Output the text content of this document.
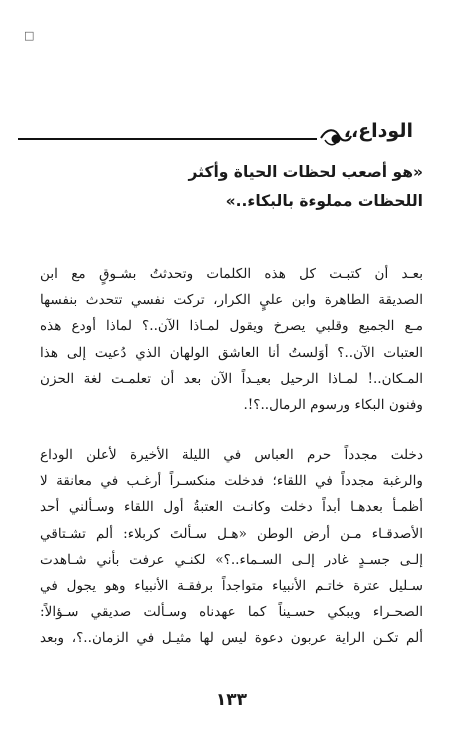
□
الوداع،،
«هو أصعب لحظات الحياة وأكثر
اللحظات مملوءة بالبكاء..»
بعـد أن كتبـت كل هذه الكلمات وتحدثتُ بشـوقٍ مع ابن
الصديقة الطاهرة وابن عليٍ الكرار، تركت نفسي تتحدث بنفسها
مـع الجميع وقلبي يصرخ ويقول لمـاذا الآن..؟ لماذا أودع هذه
العتبات الآن..؟ أوَلستُ أنا العاشق الولهان الذي دُعيت إلى هذا
المـكان..! لمـاذا الرحيل بعيـداً الآن بعد أن تعلمـت لغة الحزن
وفنون البكاء ورسوم الرمال..؟!.
دخلت مجدداً حرم العباس في الليلة الأخيرة لأعلن الوداع
والرغبة مجدداً في اللقاء؛ فدخلت منكسـراً أرغـب في معانقة لا
أظمـأ بعدهـا أبداً دخلت وكانـت العتبةُ أول اللقاء وسـألني أحد
الأصدقـاء مـن أرض الوطن «هـل سـألتَ كربلاء: ألم تشـتاقي
إلـى جسـدٍ غادر إلـى السـماء..؟» لكنـي عرفت بأني شـاهدت
سـليل عترة خاتـم الأنبياء متواجداً برفقـة الأنبياء وهو يجول في
الصحـراء ويبكي حسـيناً كما عهدناه وسـألت صديقي سـؤالاً:
ألم تكـن الراية عربون دعوة ليس لها مثيـل في الزمان..؟، وبعد
١٣٣
